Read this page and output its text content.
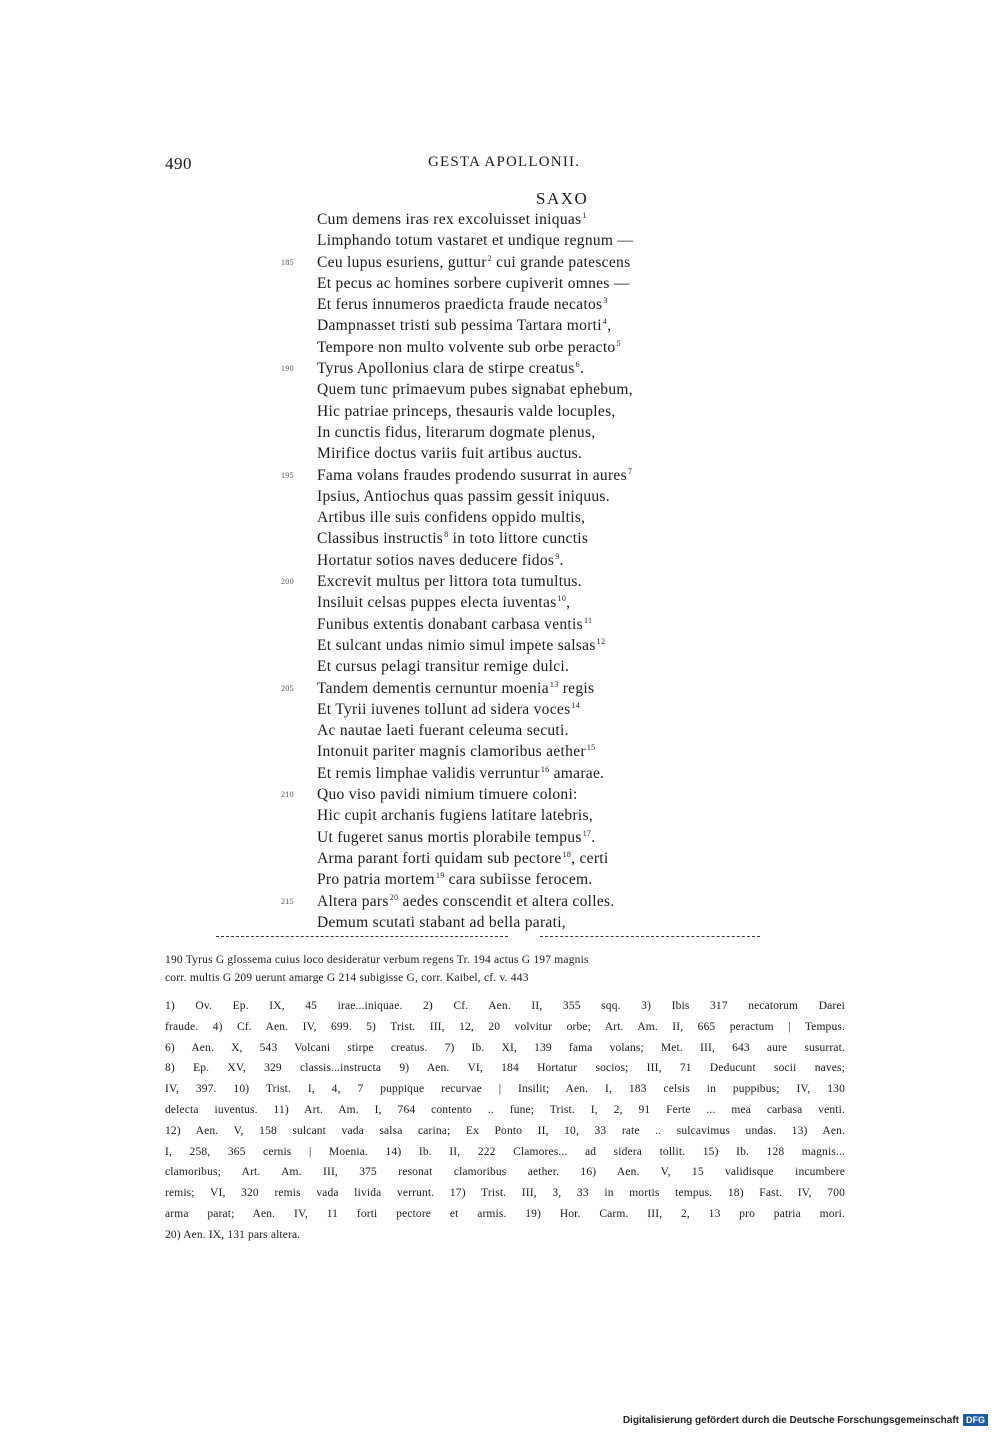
490	GESTA APOLLONII.
SAXO
Cum demens iras rex excoluisset iniquas$^1$
Limphando totum vastaret et undique regnum —
185 Ceu lupus esuriens, guttur$^2$ cui grande patescens
Et pecus ac homines sorbere cupiverit omnes —
Et ferus innumeros praedicta fraude necatos$^3$
Dampnasset tristi sub pessima Tartara morti$^4$,
Tempore non multo volvente sub orbe peracto$^5$
190 Tyrus Apollonius clara de stirpe creatus$^6$.
Quem tunc primaevum pubes signabat ephebum,
Hic patriae princeps, thesauris valde locuples,
In cunctis fidus, literarum dogmate plenus,
Mirifice doctus variis fuit artibus auctus.
195 Fama volans fraudes prodendo susurrat in aures$^7$
Ipsius, Antiochus quas passim gessit iniquus.
Artibus ille suis confidens oppido multis,
Classibus instructis$^8$ in toto littore cunctis
Hortatur sotios naves deducere fidos$^9$.
200 Excrevit multus per littora tota tumultus.
Insiluit celsas puppes electa iuventas$^{10}$,
Funibus extentis donabant carbasa ventis$^{11}$
Et sulcant undas nimio simul impete salsas$^{12}$
Et cursus pelagi transitur remige dulci.
205 Tandem dementis cernuntur moenia$^{13}$ regis
Et Tyrii iuvenes tollunt ad sidera voces$^{14}$
Ac nautae laeti fuerant celeuma secuti.
Intonuit pariter magnis clamoribus aether$^{15}$
Et remis limphae validis verruntur$^{16}$ amarae.
210 Quo viso pavidi nimium timuere coloni:
Hic cupit archanis fugiens latitare latebris,
Ut fugeret sanus mortis plorabile tempus$^{17}$.
Arma parant forti quidam sub pectore$^{18}$, certi
Pro patria mortem$^{19}$ cara subiisse ferocem.
215 Altera pars$^{20}$ aedes conscendit et altera colles.
Demum scutati stabant ad bella parati,
190 Tyrus G glossema cuius loco desideratur verbum regens Tr. 194 actus G 197 magnis
corr. multis G 209 uerunt amarge G 214 subigisse G, corr. Kaibel, cf. v. 443

1) Ov. Ep. IX, 45 irae...iniquae. 2) Cf. Aen. II, 355 sqq. 3) Ibis 317 necatorum Darei

fraude. 4) Cf. Aen. IV, 699. 5) Trist. III, 12, 20 volvitur orbe; Art. Am. II, 665 peractum | Tempus.

6) Aen. X, 543 Volcani stirpe creatus. 7) Ib. XI, 139 fama volans; Met. III, 643 aure susurrat.

8) Ep. XV, 329 classis...instructa 9) Aen. VI, 184 Hortatur socios; III, 71 Deducunt socii naves;

IV, 397. 10) Trist. I, 4, 7 puppique recurvae | Insilit; Aen. I, 183 celsis in puppibus; IV, 130

delecta iuventus. 11) Art. Am. I, 764 contento .. fune; Trist. I, 2, 91 Ferte ... mea carbasa venti.

12) Aen. V, 158 sulcant vada salsa carina; Ex Ponto II, 10, 33 rate .. sulcavimus undas. 13) Aen.

I, 258, 365 cernis | Moenia. 14) Ib. II, 222 Clamores... ad sidera tollit. 15) Ib. 128 magnis...

clamoribus; Art. Am. III, 375 resonat clamoribus aether. 16) Aen. V, 15 validisque incumbere

remis; VI, 320 remis vada livida verrunt. 17) Trist. III, 3, 33 in mortis tempus. 18) Fast. IV, 700

arma parat; Aen. IV, 11 forti pectore et armis. 19) Hor. Carm. III, 2, 13 pro patria mori.

20) Aen. IX, 131 pars altera.

Digitalisierung gefördert durch die Deutsche Forschungsgemeinschaft DFG
